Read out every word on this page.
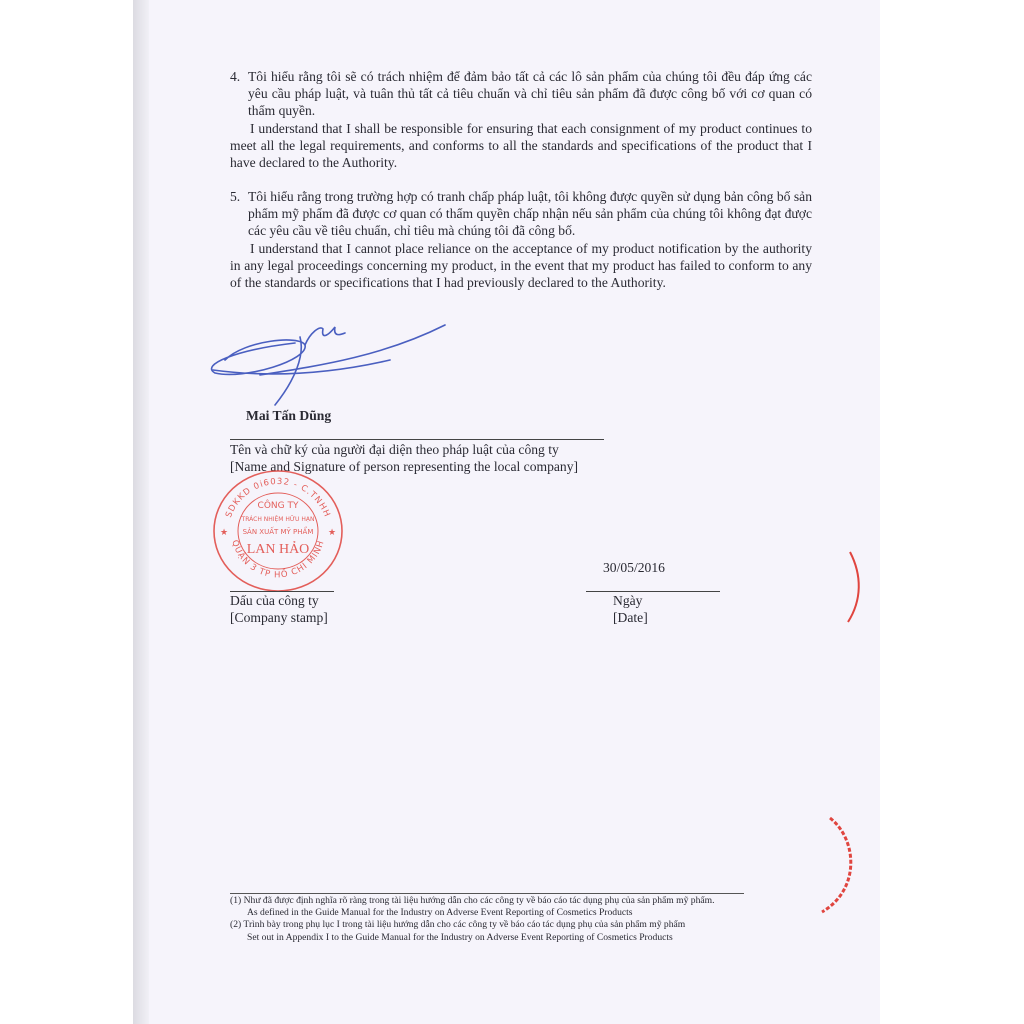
4. Tôi hiểu rằng tôi sẽ có trách nhiệm để đảm bảo tất cả các lô sản phẩm của chúng tôi đều đáp ứng các yêu cầu pháp luật, và tuân thủ tất cả tiêu chuẩn và chỉ tiêu sản phẩm đã được công bố với cơ quan có thẩm quyền.

I understand that I shall be responsible for ensuring that each consignment of my product continues to meet all the legal requirements, and conforms to all the standards and specifications of the product that I have declared to the Authority.

5. Tôi hiểu rằng trong trường hợp có tranh chấp pháp luật, tôi không được quyền sử dụng bản công bố sản phẩm mỹ phẩm đã được cơ quan có thẩm quyền chấp nhận nếu sản phẩm của chúng tôi không đạt được các yêu cầu về tiêu chuẩn, chỉ tiêu mà chúng tôi đã công bố.

I understand that I cannot place reliance on the acceptance of my product notification by the authority in any legal proceedings concerning my product, in the event that my product has failed to conform to any of the standards or specifications that I had previously declared to the Authority.

Mai Tấn Dũng
Tên và chữ ký của người đại diện theo pháp luật của công ty
[Name and Signature of person representing the local company]
SDKKD 0i6032 - C.TNHH
QUẬN 3 TP HỒ CHÍ MINH
CÔNG TY
TRÁCH NHIỆM HỮU HẠN
SẢN XUẤT MỸ PHẨM
LAN HẢO
★	★
30/05/2016
Dấu của công ty
[Company stamp]
Ngày
[Date]
(1) Như đã được định nghĩa rõ ràng trong tài liệu hướng dẫn cho các công ty về báo cáo tác dụng phụ của sản phẩm mỹ phẩm.
As defined in the Guide Manual for the Industry on Adverse Event Reporting of Cosmetics Products
(2) Trình bày trong phụ lục I trong tài liệu hướng dẫn cho các công ty về báo cáo tác dụng phụ của sản phẩm mỹ phẩm
Set out in Appendix I to the Guide Manual for the Industry on Adverse Event Reporting of Cosmetics Products
